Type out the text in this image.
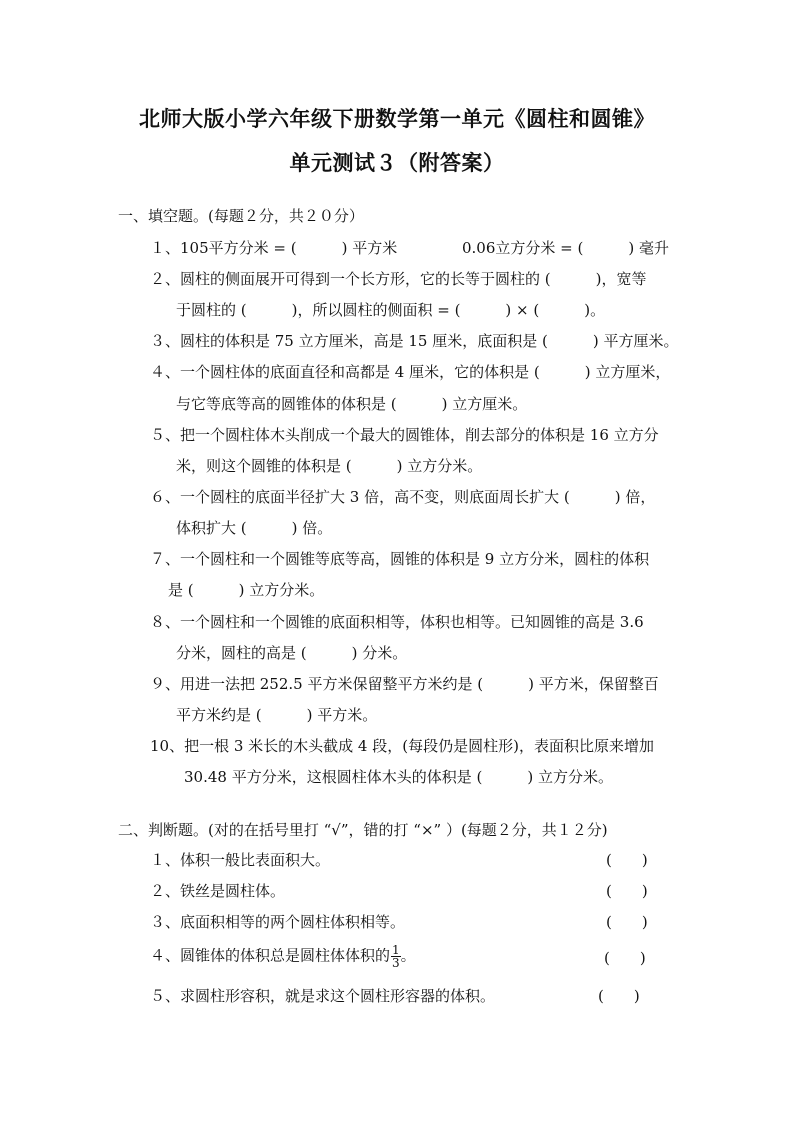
北师大版小学六年级下册数学第一单元《圆柱和圆锥》
单元测试３（附答案）
一、填空题。(每题２分，共２０分）
１、105平方分米 = (　　　) 平方米　　　　 0.06立方分米 = (　　　) 毫升
２、圆柱的侧面展开可得到一个长方形，它的长等于圆柱的 (　　　)，宽等
于圆柱的 (　　　)，所以圆柱的侧面积 = (　　　) × (　　　)。
３、圆柱的体积是 75 立方厘米，高是 15 厘米，底面积是 (　　　) 平方厘米。
４、一个圆柱体的底面直径和高都是 4 厘米，它的体积是 (　　　) 立方厘米，
与它等底等高的圆锥体的体积是 (　　　) 立方厘米。
５、把一个圆柱体木头削成一个最大的圆锥体，削去部分的体积是 16 立方分
米，则这个圆锥的体积是 (　　　) 立方分米。
６、一个圆柱的底面半径扩大 3 倍，高不变，则底面周长扩大 (　　　) 倍，
体积扩大 (　　　) 倍。
７、一个圆柱和一个圆锥等底等高，圆锥的体积是 9 立方分米，圆柱的体积
是 (　　　) 立方分米。
８、一个圆柱和一个圆锥的底面积相等，体积也相等。已知圆锥的高是 3.6
分米，圆柱的高是 (　　　) 分米。
９、用进一法把 252.5 平方米保留整平方米约是 (　　　) 平方米，保留整百
平方米约是 (　　　) 平方米。
10、把一根 3 米长的木头截成 4 段，(每段仍是圆柱形)，表面积比原来增加
30.48 平方分米，这根圆柱体木头的体积是 (　　　) 立方分米。
二、判断题。(对的在括号里打 “√”，错的打 “×” ）(每题２分，共１２分)
１、体积一般比表面积大。	(　　)
２、铁丝是圆柱体。	(　　)
３、底面积相等的两个圆柱体积相等。	(　　)
４、圆锥体的体积总是圆柱体体积的 $\frac{1}{3}$ 。	(　　)
５、求圆柱形容积，就是求这个圆柱形容器的体积。	(　　)
